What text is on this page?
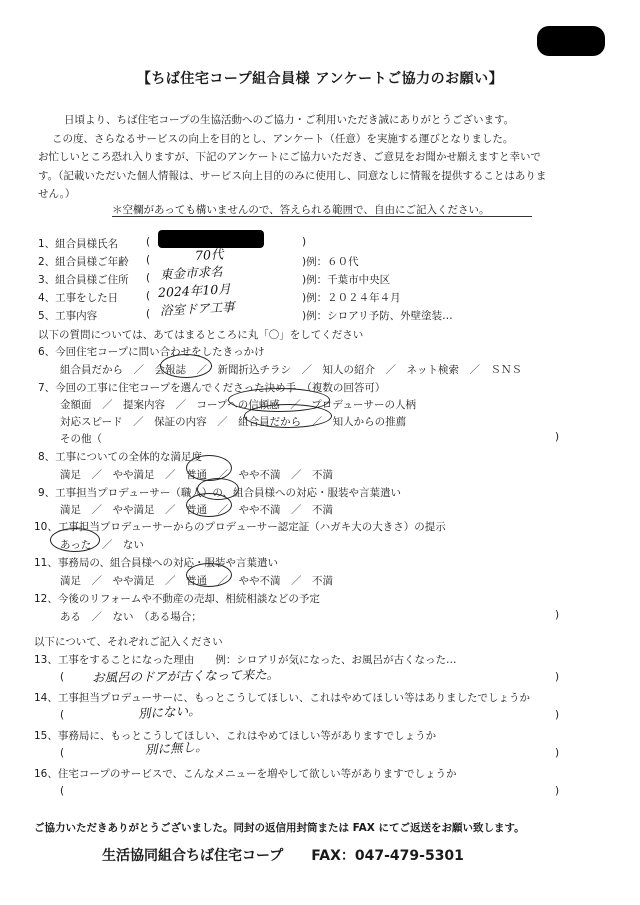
【ちば住宅コープ組合員様 アンケートご協力のお願い】
日頃より、ちば住宅コープの生協活動へのご協力・ご利用いただき誠にありがとうございます。
この度、さらなるサービスの向上を目的とし、アンケート（任意）を実施する運びとなりました。
お忙しいところ恐れ入りますが、下記のアンケートにご協力いただき、ご意見をお聞かせ願えますと幸いで
す。（記載いただいた個人情報は、サービス向上目的のみに使用し、同意なしに情報を提供することはありま
せん。）
＊空欄があっても構いませんので、答えられる範囲で、自由にご記入ください。
1、組合員様氏名	(	)
2、組合員様ご年齢 (	70代	)例：６０代
3、組合員様ご住所 ( 東金市求名	)例：千葉市中央区
4、工事をした日	( 2024年10月	)例：２０２４年４月
5、工事内容	( 浴室ドア工事	)例：シロアリ予防、外壁塗装…
以下の質問については、あてはまるところに丸「〇」をしてください
6、今回住宅コープに問い合わせをしたきっかけ
組合員だから　／　会報誌　／　新聞折込チラシ　／　知人の紹介　／　ネット検索　／　ＳＮＳ
7、今回の工事に住宅コープを選んでくださった決め手　（複数の回答可）
金額面　／　提案内容　／　コープへの信頼感　／　プロデューサーの人柄
対応スピード　／　保証の内容　／　組合員だから　／　知人からの推薦
その他（	)
8、工事についての全体的な満足度
満足　／　やや満足　／　普通　／　やや不満　／　不満
9、工事担当プロデューサー（職人）の、組合員様への対応・服装や言葉遣い
満足　／　やや満足　／　普通　／　やや不満　／　不満
10、工事担当プロデューサーからのプロデューサー認定証（ハガキ大の大きさ）の提示
あった　／　ない
11、事務局の、組合員様への対応・服装や言葉遣い
満足　／　やや満足　／　普通　／　やや不満　／　不満
12、今後のリフォームや不動産の売却、相続相談などの予定
ある　／　ない　（ある場合；	)
以下について、それぞれご記入ください
13、工事をすることになった理由　　例：シロアリが気になった、お風呂が古くなった…
( お風呂のドアが古くなって来た。	)
14、工事担当プロデューサーに、もっとこうしてほしい、これはやめてほしい等はありましたでしょうか
(	別にない。	)
15、事務局に、もっとこうしてほしい、これはやめてほしい等がありますでしょうか
(	別に無し。	)
16、住宅コープのサービスで、こんなメニューを増やして欲しい等がありますでしょうか
(	)
ご協力いただきありがとうございました。同封の返信用封筒または FAX にてご返送をお願い致します。
生活協同組合ちば住宅コープ　　FAX：047-479-5301
